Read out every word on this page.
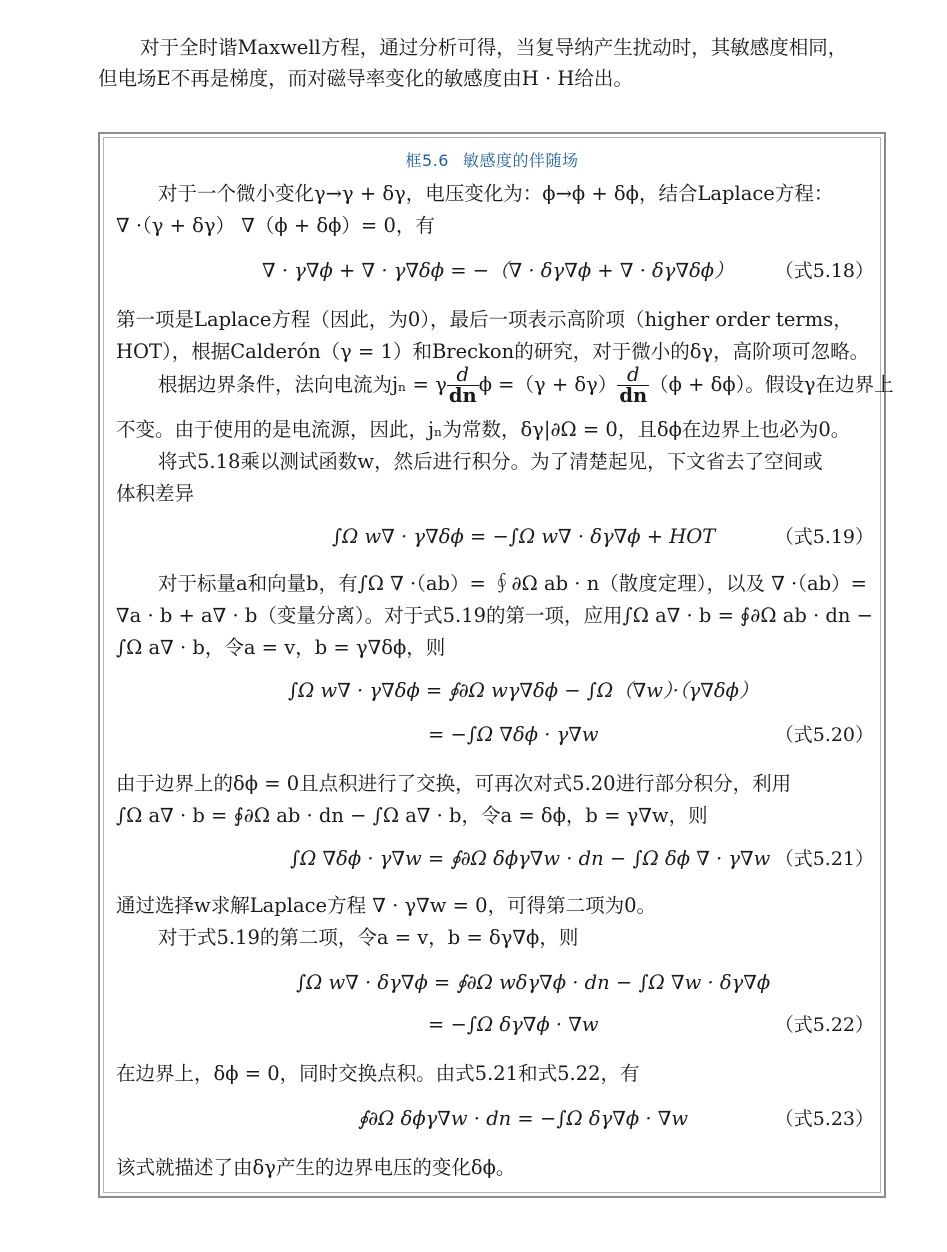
对于全时谐Maxwell方程，通过分析可得，当复导纳产生扰动时，其敏感度相同，

但电场E不再是梯度，而对磁导率变化的敏感度由H · H给出。

框5.6 敏感度的伴随场
对于一个微小变化γ→γ + δγ，电压变化为：ϕ→ϕ + δϕ，结合Laplace方程：
∇ ·（γ + δγ） ∇（ϕ + δϕ）= 0，有
∇ · γ∇ϕ + ∇ · γ∇δϕ = −（∇ · δγ∇ϕ + ∇ · δγ∇δϕ） （式5.18）
第一项是Laplace方程（因此，为0），最后一项表示高阶项（higher order terms，
HOT），根据Calderón（γ = 1）和Breckon的研究，对于微小的δγ，高阶项可忽略。
根据边界条件，法向电流为jₙ = γ $\frac{d}{dn}$ $\phi =(\gamma + \delta\gamma) \frac{d}{dn} (\phi + \delta\phi)$。假设γ在边界上
不变。由于使用的是电流源，因此，jₙ为常数，δγ|∂Ω = 0，且δϕ在边界上也必为0。
将式5.18乘以测试函数w，然后进行积分。为了清楚起见，下文省去了空间或
体积差异
∫Ω w∇ · γ∇δϕ = −∫Ω w∇ · δγ∇ϕ + HOT	（式5.19）
对于标量a和向量b，有∫Ω ∇ ·（ab）= ∮∂Ω ab · n（散度定理），以及 ∇ ·（ab）=
∇a · b + a∇ · b（变量分离）。对于式5.19的第一项，应用∫Ω a∇ · b = ∮∂Ω ab · dn −
∫Ω a∇ · b，令a = v，b = γ∇δϕ，则
∫Ω w∇ · γ∇δϕ = ∮∂Ω wγ∇δϕ − ∫Ω（∇w）·（γ∇δϕ）
= −∫Ω ∇δϕ · γ∇w	（式5.20）
由于边界上的δϕ = 0且点积进行了交换，可再次对式5.20进行部分积分，利用
∫Ω a∇ · b = ∮∂Ω ab · dn − ∫Ω a∇ · b，令a = δϕ，b = γ∇w，则
∫Ω ∇δϕ · γ∇w = ∮∂Ω δϕγ∇w · dn − ∫Ω δϕ ∇ · γ∇w （式5.21）
通过选择w求解Laplace方程 ∇ · γ∇w = 0，可得第二项为0。
对于式5.19的第二项，令a = v，b = δγ∇ϕ，则
∫Ω w∇ · δγ∇ϕ = ∮∂Ω wδγ∇ϕ · dn − ∫Ω ∇w · δγ∇ϕ
= −∫Ω δγ∇ϕ · ∇w	（式5.22）
在边界上，δϕ = 0，同时交换点积。由式5.21和式5.22，有
∮∂Ω δϕγ∇w · dn = −∫Ω δγ∇ϕ · ∇w	（式5.23）
该式就描述了由δγ产生的边界电压的变化δϕ。
